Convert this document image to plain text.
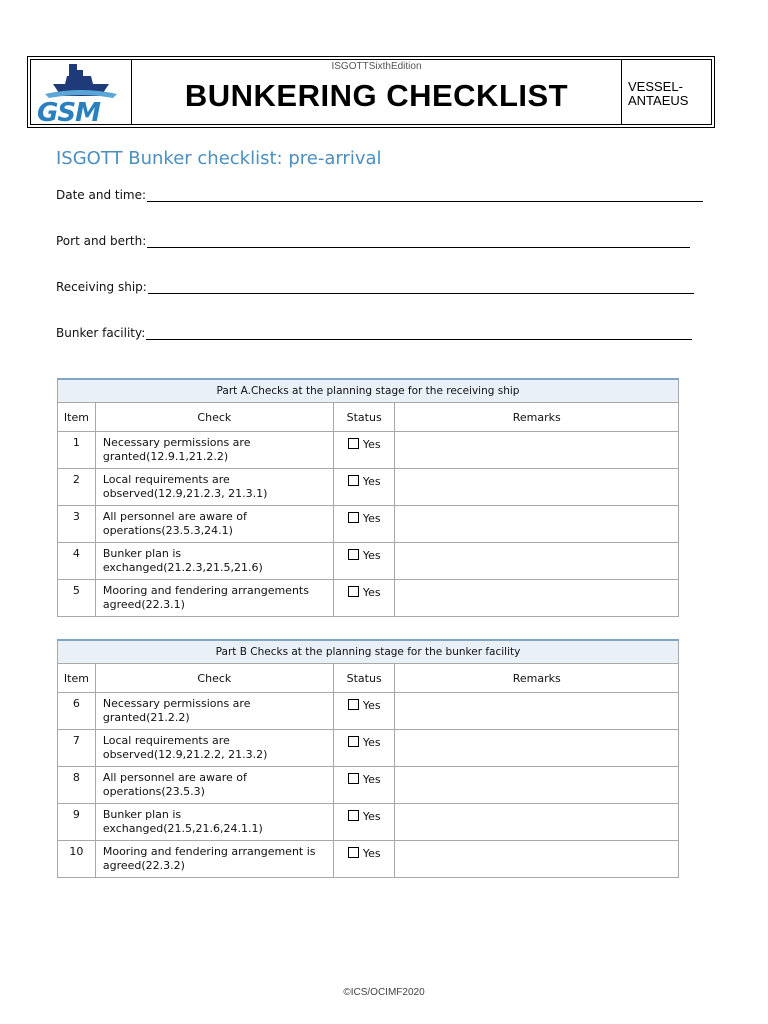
GSM
ISGOTTSixthEdition
BUNKERING CHECKLIST	VESSEL-
ANTAEUS
ISGOTT Bunker checklist: pre-arrival
Date and time:
Port and berth:
Receiving ship:
Bunker facility:
Part A.Checks at the planning stage for the receiving ship			
Item	Check	Status	Remarks
1	Necessary permissions are granted(12.9.1,21.2.2)	Yes	
2	Local requirements are observed(12.9,21.2.3, 21.3.1)	Yes	
3	All personnel are aware of operations(23.5.3,24.1)	Yes	
4	Bunker plan is exchanged(21.2.3,21.5,21.6)	Yes	
5	Mooring and fendering arrangements agreed(22.3.1)	Yes	
Part B Checks at the planning stage for the bunker facility			
Item	Check	Status	Remarks
6	Necessary permissions are granted(21.2.2)	Yes	
7	Local requirements are observed(12.9,21.2.2, 21.3.2)	Yes	
8	All personnel are aware of operations(23.5.3)	Yes	
9	Bunker plan is exchanged(21.5,21.6,24.1.1)	Yes	
10	Mooring and fendering arrangement is agreed(22.3.2)	Yes	
©ICS/OCIMF2020
